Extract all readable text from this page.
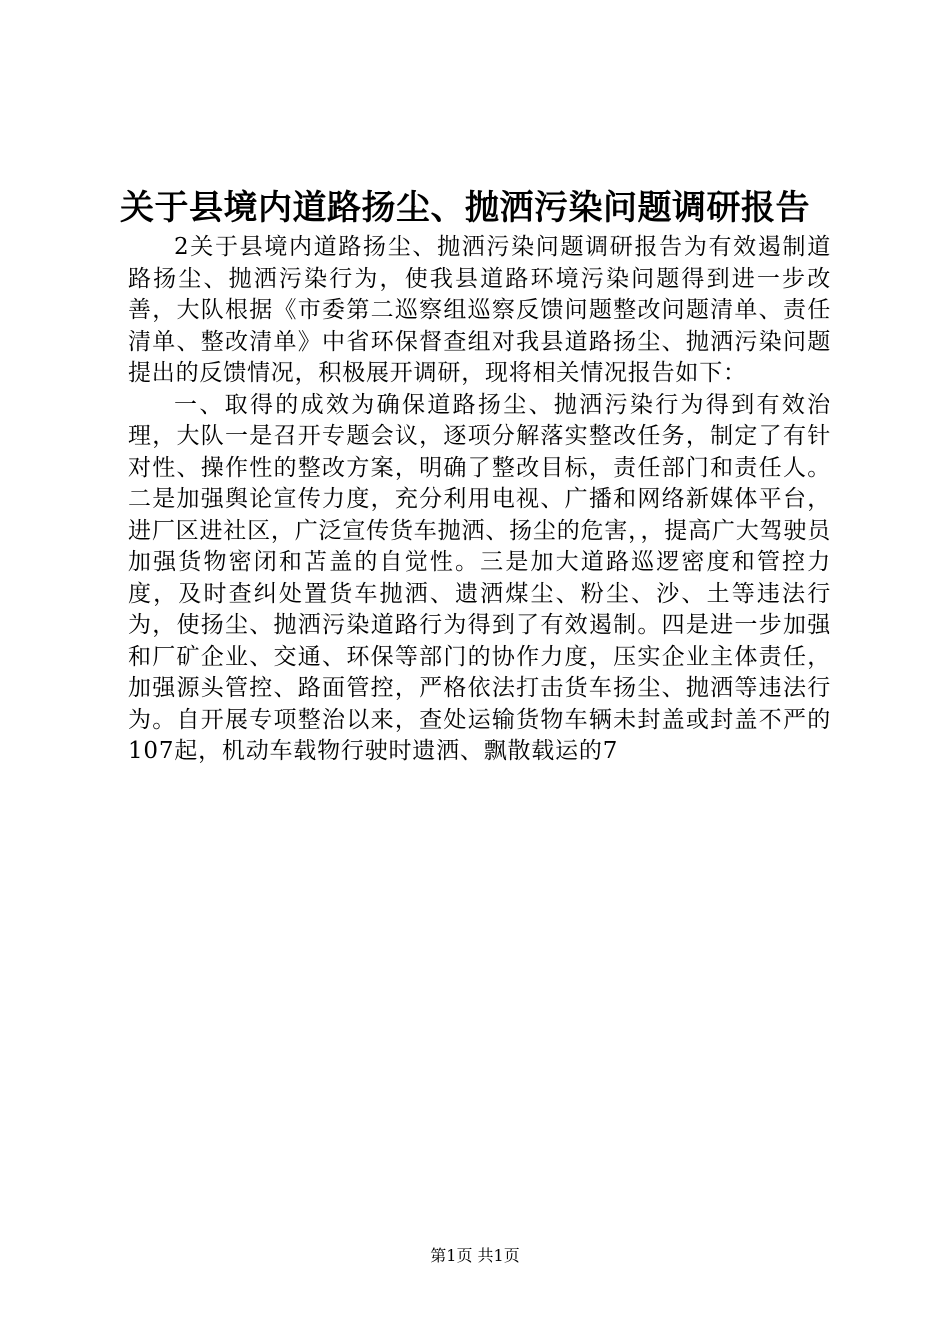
关于县境内道路扬尘、抛洒污染问题调研报告

2关于县境内道路扬尘、抛洒污染问题调研报告为有效遏制道路扬尘、抛洒污染行为，使我县道路环境污染问题得到进一步改善，大队根据《市委第二巡察组巡察反馈问题整改问题清单、责任清单、整改清单》中省环保督查组对我县道路扬尘、抛洒污染问题提出的反馈情况，积极展开调研，现将相关情况报告如下：

一、取得的成效为确保道路扬尘、抛洒污染行为得到有效治理，大队一是召开专题会议，逐项分解落实整改任务，制定了有针对性、操作性的整改方案，明确了整改目标，责任部门和责任人。二是加强舆论宣传力度，充分利用电视、广播和网络新媒体平台，进厂区进社区，广泛宣传货车抛洒、扬尘的危害，，提高广大驾驶员加强货物密闭和苫盖的自觉性。三是加大道路巡逻密度和管控力度，及时查纠处置货车抛洒、遗洒煤尘、粉尘、沙、土等违法行为，使扬尘、抛洒污染道路行为得到了有效遏制。四是进一步加强和厂矿企业、交通、环保等部门的协作力度，压实企业主体责任，加强源头管控、路面管控，严格依法打击货车扬尘、抛洒等违法行为。自开展专项整治以来，查处运输货物车辆未封盖或封盖不严的107起，机动车载物行驶时遗洒、飘散载运的7

第1页 共1页
